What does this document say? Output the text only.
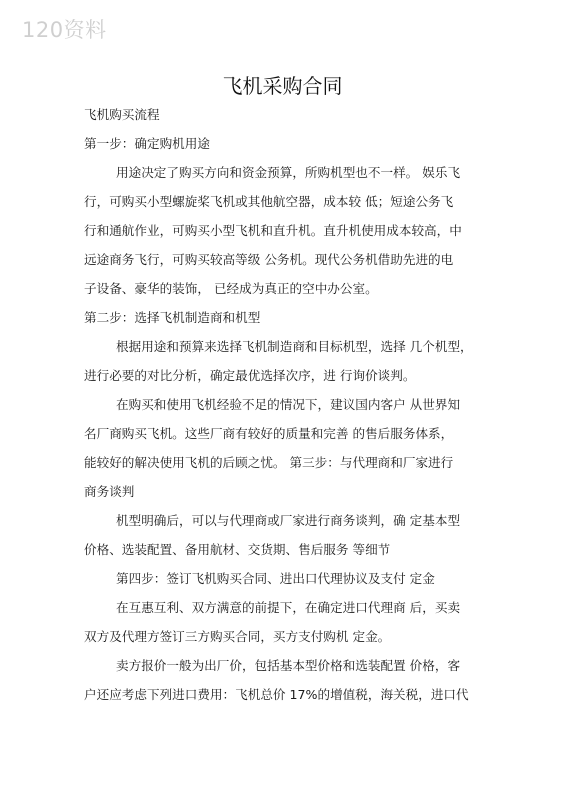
120资料
飞机采购合同
飞机购买流程
第一步：确定购机用途
用途决定了购买方向和资金预算，所购机型也不一样。 娱乐飞
行，可购买小型螺旋桨飞机或其他航空器，成本较 低；短途公务飞
行和通航作业，可购买小型飞机和直升机。直升机使用成本较高，中
远途商务飞行，可购买较高等级 公务机。现代公务机借助先进的电
子设备、豪华的装饰， 已经成为真正的空中办公室。
第二步：选择飞机制造商和机型
根据用途和预算来选择飞机制造商和目标机型，选择 几个机型，
进行必要的对比分析，确定最优选择次序，进 行询价谈判。
在购买和使用飞机经验不足的情况下，建议国内客户 从世界知
名厂商购买飞机。这些厂商有较好的质量和完善 的售后服务体系，
能较好的解决使用飞机的后顾之忧。 第三步：与代理商和厂家进行
商务谈判
机型明确后，可以与代理商或厂家进行商务谈判，确 定基本型
价格、选装配置、备用航材、交货期、售后服务 等细节
第四步：签订飞机购买合同、进出口代理协议及支付 定金
在互惠互利、双方满意的前提下，在确定进口代理商 后，买卖
双方及代理方签订三方购买合同，买方支付购机 定金。
卖方报价一般为出厂价，包括基本型价格和选装配置 价格，客
户还应考虑下列进口费用：飞机总价 17%的增值税，海关税，进口代
